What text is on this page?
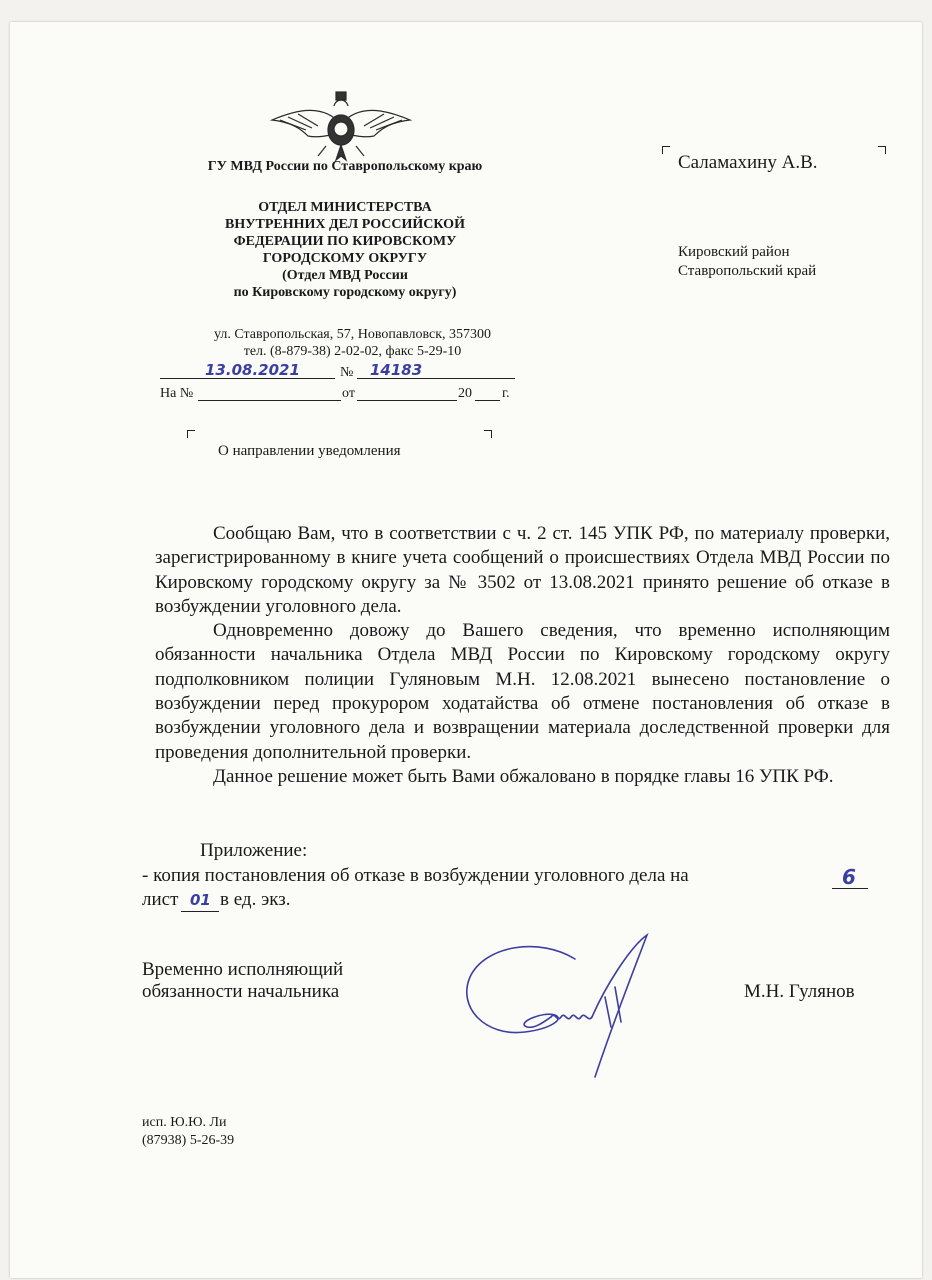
ГУ МВД России по Ставропольскому краю
ОТДЕЛ МИНИСТЕРСТВА
ВНУТРЕННИХ ДЕЛ РОССИЙСКОЙ
ФЕДЕРАЦИИ ПО КИРОВСКОМУ
ГОРОДСКОМУ ОКРУГУ
(Отдел МВД России
по Кировскому городскому округу)
ул. Ставропольская, 57, Новопавловск, 357300
тел. (8-879-38) 2-02-02, факс 5-29-10
13.08.2021	№ 14183
На №	от	20 г.
О направлении уведомления
Саламахину А.В.
Кировский район
Ставропольский край

Сообщаю Вам, что в соответствии с ч. 2 ст. 145 УПК РФ, по материалу проверки, зарегистрированному в книге учета сообщений о происшествиях Отдела МВД России по Кировскому городскому округу за № 3502 от 13.08.2021 принято решение об отказе в возбуждении уголовного дела.

Одновременно довожу до Вашего сведения, что временно исполняющим обязанности начальника Отдела МВД России по Кировскому городскому округу подполковником полиции Гуляновым М.Н. 12.08.2021 вынесено постановление о возбуждении перед прокурором ходатайства об отмене постановления об отказе в возбуждении уголовного дела и возвращении материала доследственной проверки для проведения дополнительной проверки.

Данное решение может быть Вами обжаловано в порядке главы 16 УПК РФ.

Приложение:
- копия постановления об отказе в возбуждении уголовного дела на	6
лист 01 в ед. экз.
Временно исполняющий
обязанности начальника	М.Н. Гулянов
исп. Ю.Ю. Ли
(87938) 5-26-39
